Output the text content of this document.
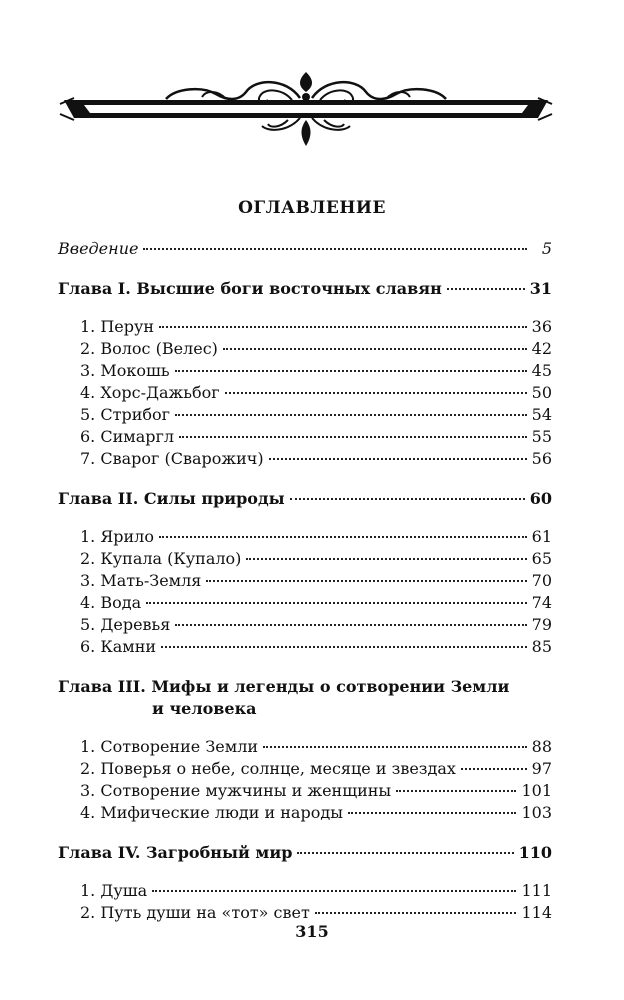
ОГЛАВЛЕНИЕ
Введение	5
Глава I. Высшие боги восточных славян	31
1. Перун	36
2. Волос (Велес)	42
3. Мокошь	45
4. Хорс-Дажьбог	50
5. Стрибог	54
6. Симаргл	55
7. Сварог (Сварожич)	56
Глава II. Силы природы	60
1. Ярило	61
2. Купала (Купало)	65
3. Мать-Земля	70
4. Вода	74
5. Деревья	79
6. Камни	85
Глава III. Мифы и легенды о сотворении Земли
и человека
1. Сотворение Земли	88
2. Поверья о небе, солнце, месяце и звездах	97
3. Сотворение мужчины и женщины	101
4. Мифические люди и народы	103
Глава IV. Загробный мир	110
1. Душа	111
2. Путь души на «тот» свет	114
315
